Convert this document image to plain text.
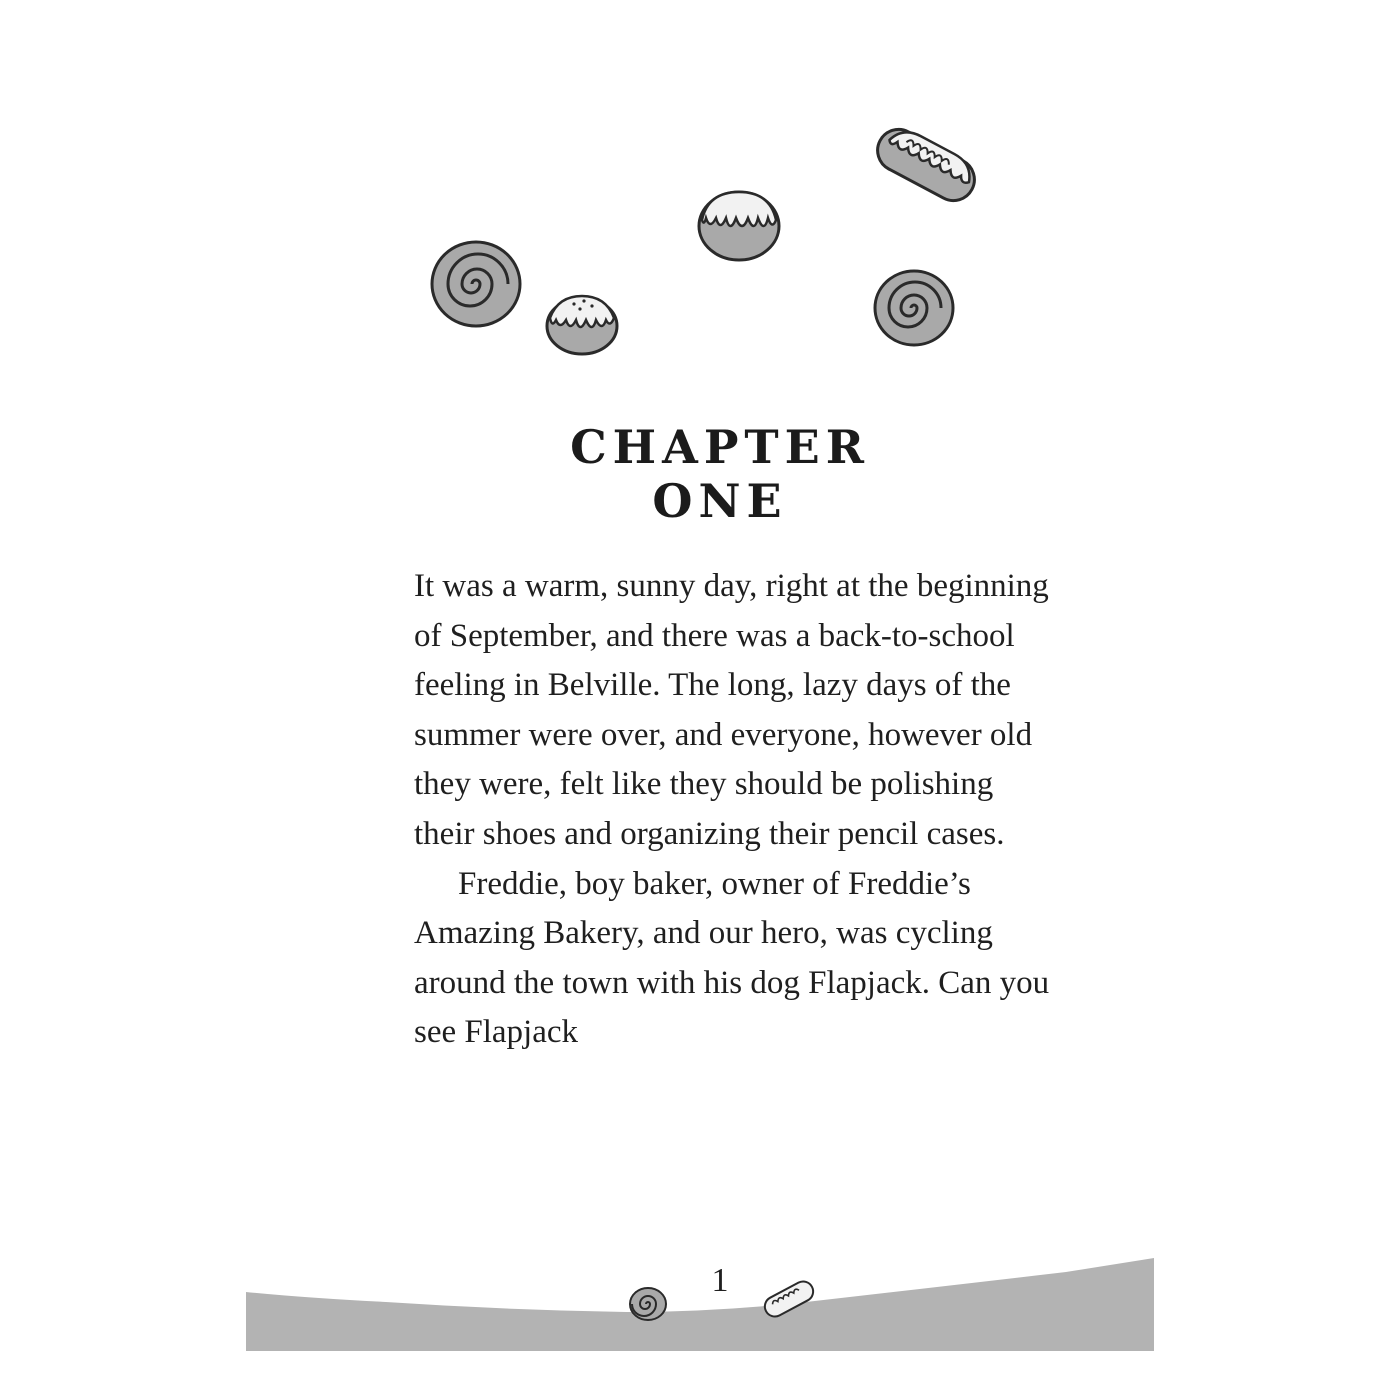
CHAPTER
ONE

It was a warm, sunny day, right at the beginning of September, and there was a back-to-school feeling in Belville. The long, lazy days of the summer were over, and everyone, however old they were, felt like they should be polishing their shoes and organizing their pencil cases.

Freddie, boy baker, owner of Freddie’s Amazing Bakery, and our hero, was cycling around the town with his dog Flapjack. Can you see Flapjack

1
